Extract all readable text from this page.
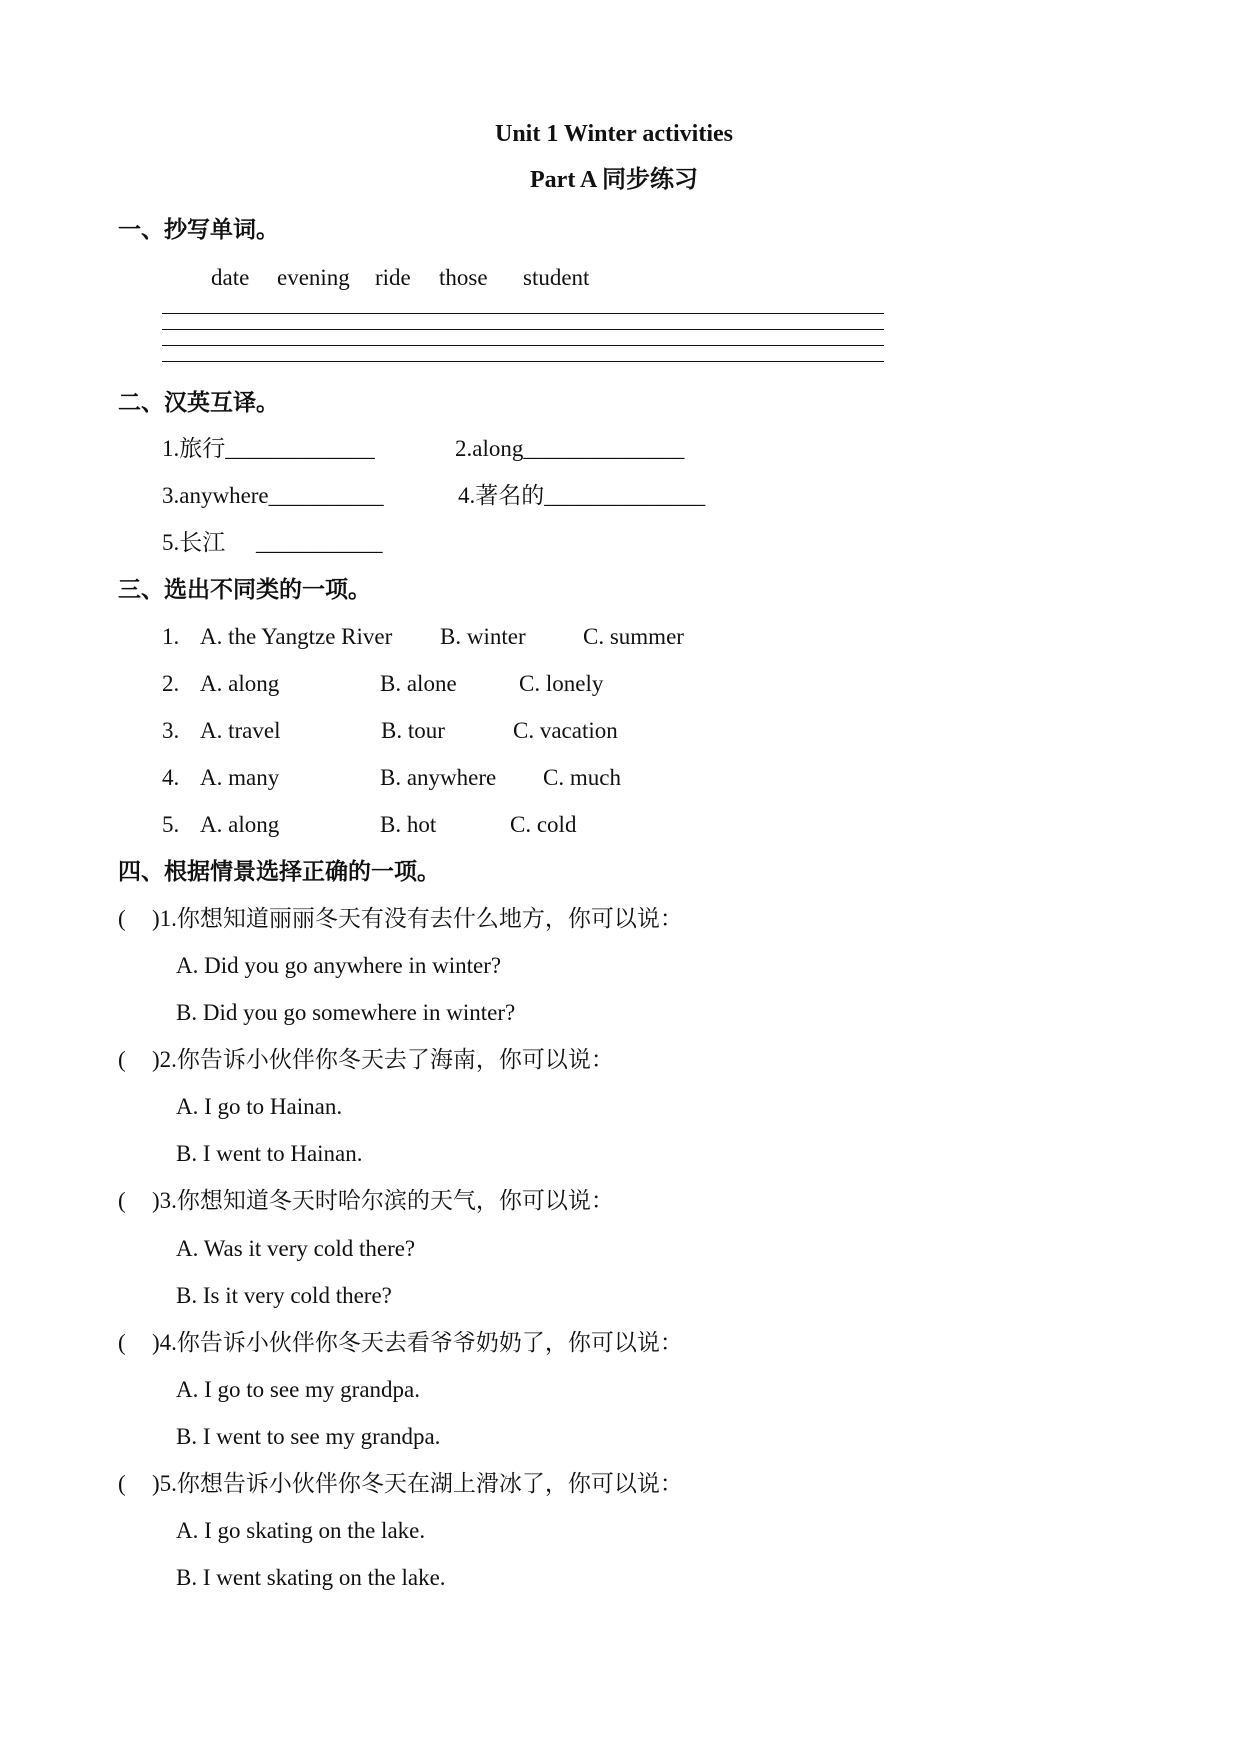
Unit 1 Winter activities
Part A 同步练习
一、抄写单词。
date evening ride those student
二、汉英互译。
1.旅行_____________	2.along______________
3.anywhere__________	4.著名的______________
5.长江 ___________
三、选出不同类的一项。
1. A. the Yangtze River B. winter C. summer
2. A. along	B. alone	C. lonely
3. A. travel	B. tour	C. vacation
4. A. many	B. anywhere C. much
5. A. along	B. hot	C. cold
四、根据情景选择正确的一项。
( )1.你想知道丽丽冬天有没有去什么地方，你可以说：
A. Did you go anywhere in winter?
B. Did you go somewhere in winter?
( )2.你告诉小伙伴你冬天去了海南，你可以说：
A. I go to Hainan.
B. I went to Hainan.
( )3.你想知道冬天时哈尔滨的天气，你可以说：
A. Was it very cold there?
B. Is it very cold there?
( )4.你告诉小伙伴你冬天去看爷爷奶奶了，你可以说：
A. I go to see my grandpa.
B. I went to see my grandpa.
( )5.你想告诉小伙伴你冬天在湖上滑冰了，你可以说：
A. I go skating on the lake.
B. I went skating on the lake.
